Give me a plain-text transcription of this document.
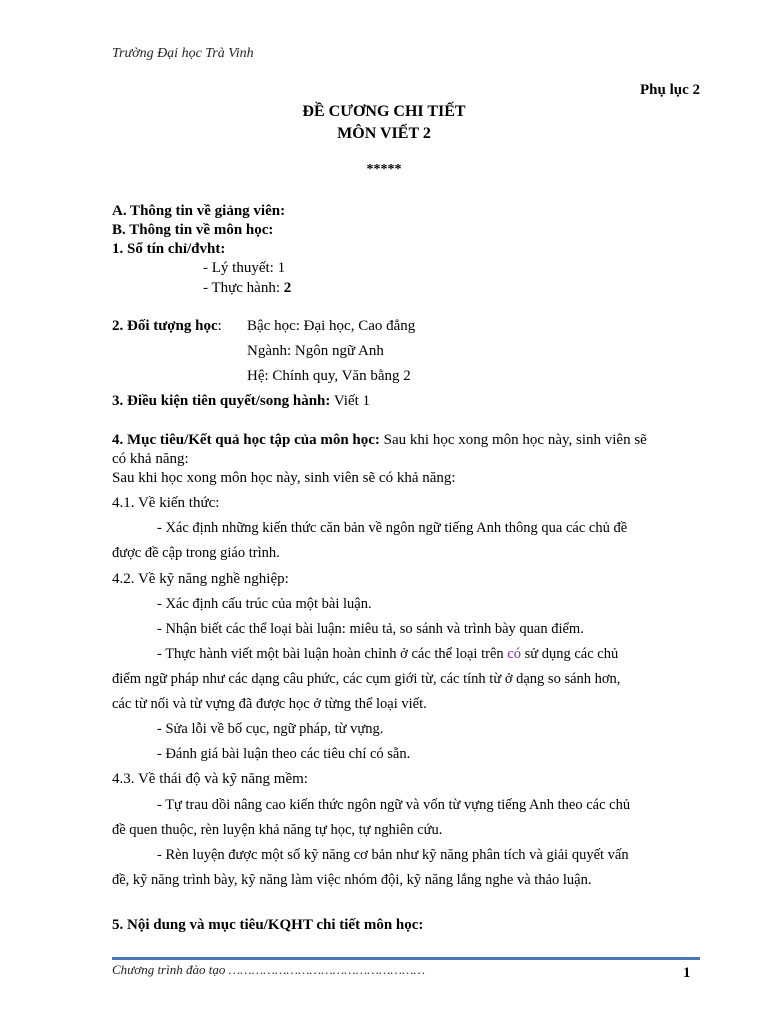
Trường Đại học Trà Vinh
Phụ lục 2
ĐỀ CƯƠNG CHI TIẾT
MÔN VIẾT 2
*****
A. Thông tin về giảng viên:
B. Thông tin về môn học:
1. Số tín chỉ/đvht:
- Lý thuyết: 1
- Thực hành: 2
2. Đối tượng học: Bậc học: Đại học, Cao đẳng
Ngành: Ngôn ngữ Anh
Hệ: Chính quy, Văn bằng 2
3. Điều kiện tiên quyết/song hành: Viết 1
4. Mục tiêu/Kết quả học tập của môn học: Sau khi học xong môn học này, sinh viên sẽ
có khả năng:
Sau khi học xong môn học này, sinh viên sẽ có khả năng:
4.1. Về kiến thức:
- Xác định những kiến thức căn bản về ngôn ngữ tiếng Anh thông qua các chủ đề
được đề cập trong giáo trình.
4.2. Về kỹ năng nghề nghiệp:
- Xác định cấu trúc của một bài luận.
- Nhận biết các thể loại bài luận: miêu tả, so sánh và trình bày quan điểm.
- Thực hành viết một bài luận hoàn chỉnh ở các thể loại trên có sử dụng các chủ
điểm ngữ pháp như các dạng câu phức, các cụm giới từ, các tính từ ở dạng so sánh hơn,
các từ nối và từ vựng đã được học ở từng thể loại viết.
- Sửa lỗi về bố cục, ngữ pháp, từ vựng.
- Đánh giá bài luận theo các tiêu chí có sẵn.
4.3. Về thái độ và kỹ năng mềm:
- Tự trau dồi nâng cao kiến thức ngôn ngữ và vốn từ vựng tiếng Anh theo các chủ
đề quen thuộc, rèn luyện khả năng tự học, tự nghiên cứu.
- Rèn luyện được một số kỹ năng cơ bản như kỹ năng phân tích và giải quyết vấn
đề, kỹ năng trình bày, kỹ năng làm việc nhóm đội, kỹ năng lắng nghe và thảo luận.
5. Nội dung và mục tiêu/KQHT chi tiết môn học:
Chương trình đào tạo ……………………………………………	1
